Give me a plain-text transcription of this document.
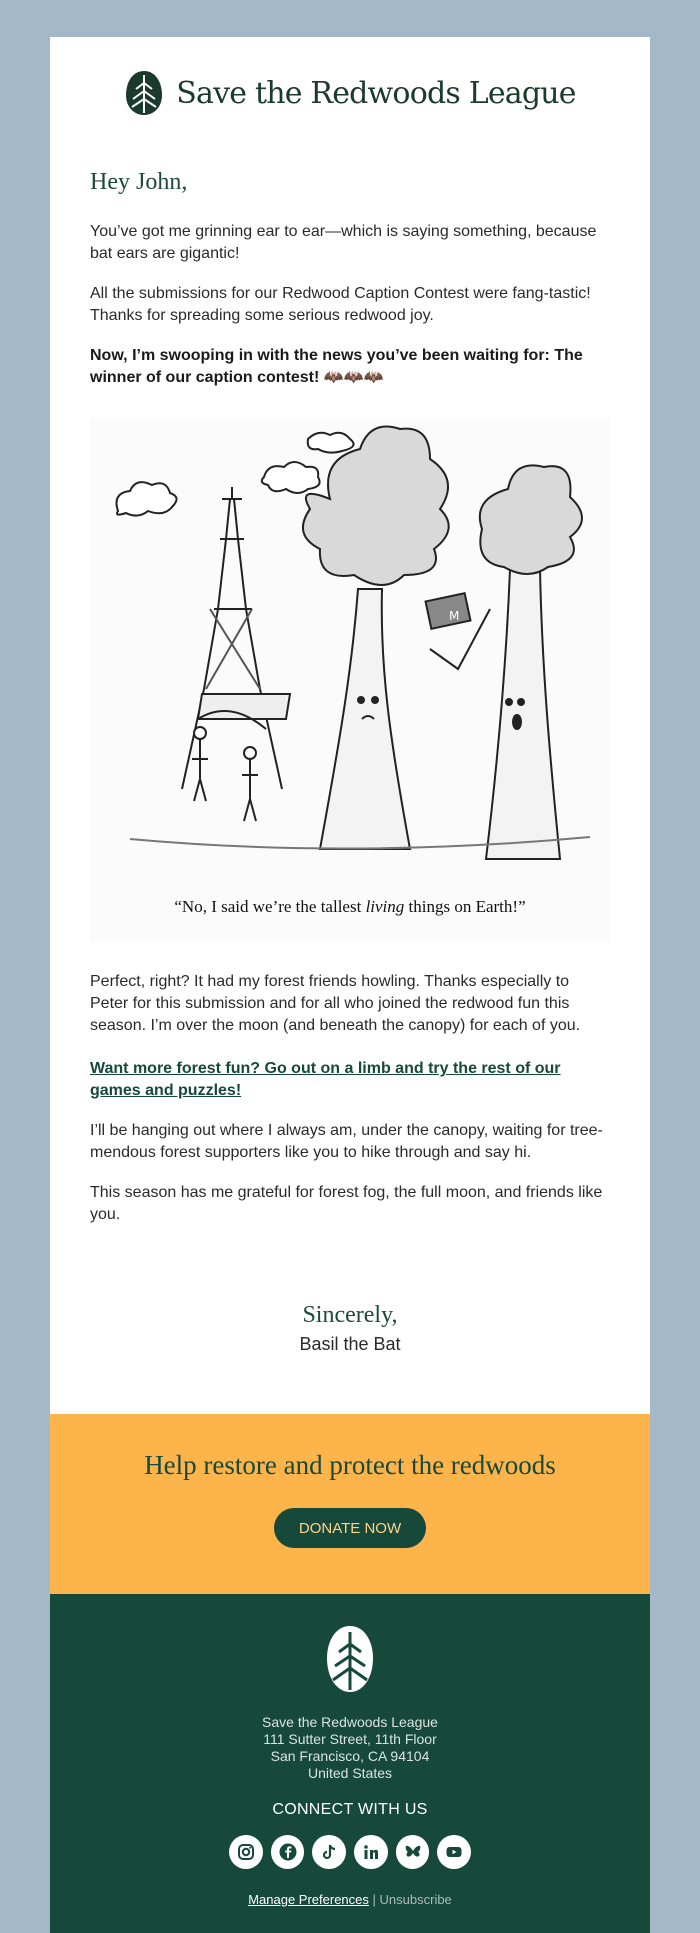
Save the Redwoods League
Hey John,
You’ve got me grinning ear to ear—which is saying something, because bat ears are gigantic!
All the submissions for our Redwood Caption Contest were fang-tastic! Thanks for spreading some serious redwood joy.
Now, I’m swooping in with the news you’ve been waiting for: The winner of our caption contest! 🦇🦇🦇
M
“No, I said we’re the tallest living things on Earth!”
Perfect, right? It had my forest friends howling. Thanks especially to Peter for this submission and for all who joined the redwood fun this season. I’m over the moon (and beneath the canopy) for each of you.
Want more forest fun? Go out on a limb and try the rest of our games and puzzles!
I’ll be hanging out where I always am, under the canopy, waiting for tree-mendous forest supporters like you to hike through and say hi.
This season has me grateful for forest fog, the full moon, and friends like you.
Sincerely,
Basil the Bat
Help restore and protect the redwoods
DONATE NOW
Save the Redwoods League
111 Sutter Street, 11th Floor
San Francisco, CA 94104
United States
CONNECT WITH US
Manage Preferences | Unsubscribe
